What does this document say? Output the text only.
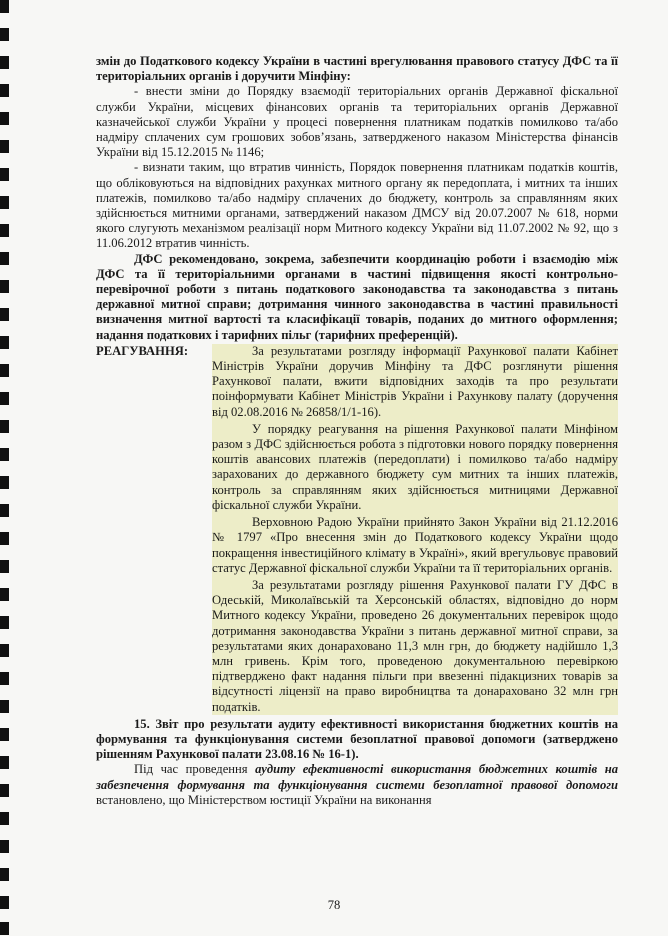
змін до Податкового кодексу України в частині врегулювання правового статусу ДФС та її територіальних органів і доручити Мінфіну:

- внести зміни до Порядку взаємодії територіальних органів Державної фіскальної служби України, місцевих фінансових органів та територіальних органів Державної казначейської служби України у процесі повернення платникам податків помилково та/або надміру сплачених сум грошових зобов’язань, затвердженого наказом Міністерства фінансів України від 15.12.2015 № 1146;

- визнати таким, що втратив чинність, Порядок повернення платникам податків коштів, що обліковуються на відповідних рахунках митного органу як передоплата, і митних та інших платежів, помилково та/або надміру сплачених до бюджету, контроль за справлянням яких здійснюється митними органами, затверджений наказом ДМСУ від 20.07.2007 № 618, норми якого слугують механізмом реалізації норм Митного кодексу України від 11.07.2002 № 92, що з 11.06.2012 втратив чинність.

ДФС рекомендовано, зокрема, забезпечити координацію роботи і взаємодію між ДФС та її територіальними органами в частині підвищення якості контрольно-перевірочної роботи з питань податкового законодавства та законодавства з питань державної митної справи; дотримання чинного законодавства в частині правильності визначення митної вартості та класифікації товарів, поданих до митного оформлення; надання податкових і тарифних пільг (тарифних преференцій).

РЕАГУВАННЯ:	За результатами розгляду інформації Рахункової палати Кабінет Міністрів України доручив Мінфіну та ДФС розглянути рішення Рахункової палати, вжити відповідних заходів та про результати поінформувати Кабінет Міністрів України і Рахункову палату (доручення від 02.08.2016 № 26858/1/1-16).

У порядку реагування на рішення Рахункової палати Мінфіном разом з ДФС здійснюється робота з підготовки нового порядку повернення коштів авансових платежів (передоплати) і помилково та/або надміру зарахованих до державного бюджету сум митних та інших платежів, контроль за справлянням яких здійснюється митницями Державної фіскальної служби України.

Верховною Радою України прийнято Закон України від 21.12.2016 № 1797 «Про внесення змін до Податкового кодексу України щодо покращення інвестиційного клімату в Україні», який врегульовує правовий статус Державної фіскальної служби України та її територіальних органів.

За результатами розгляду рішення Рахункової палати ГУ ДФС в Одеській, Миколаївській та Херсонській областях, відповідно до норм Митного кодексу України, проведено 26 документальних перевірок щодо дотримання законодавства України з питань державної митної справи, за результатами яких донараховано 11,3 млн грн, до бюджету надійшло 1,3 млн гривень. Крім того, проведеною документальною перевіркою підтверджено факт надання пільги при ввезенні підакцизних товарів за відсутності ліцензії на право виробництва та донараховано 32 млн грн податків.

15. Звіт про результати аудиту ефективності використання бюджетних коштів на формування та функціонування системи безоплатної правової допомоги (затверджено рішенням Рахункової палати 23.08.16 № 16-1).

Під час проведення аудиту ефективності використання бюджетних коштів на забезпечення формування та функціонування системи безоплатної правової допомоги встановлено, що Міністерством юстиції України на виконання

78
